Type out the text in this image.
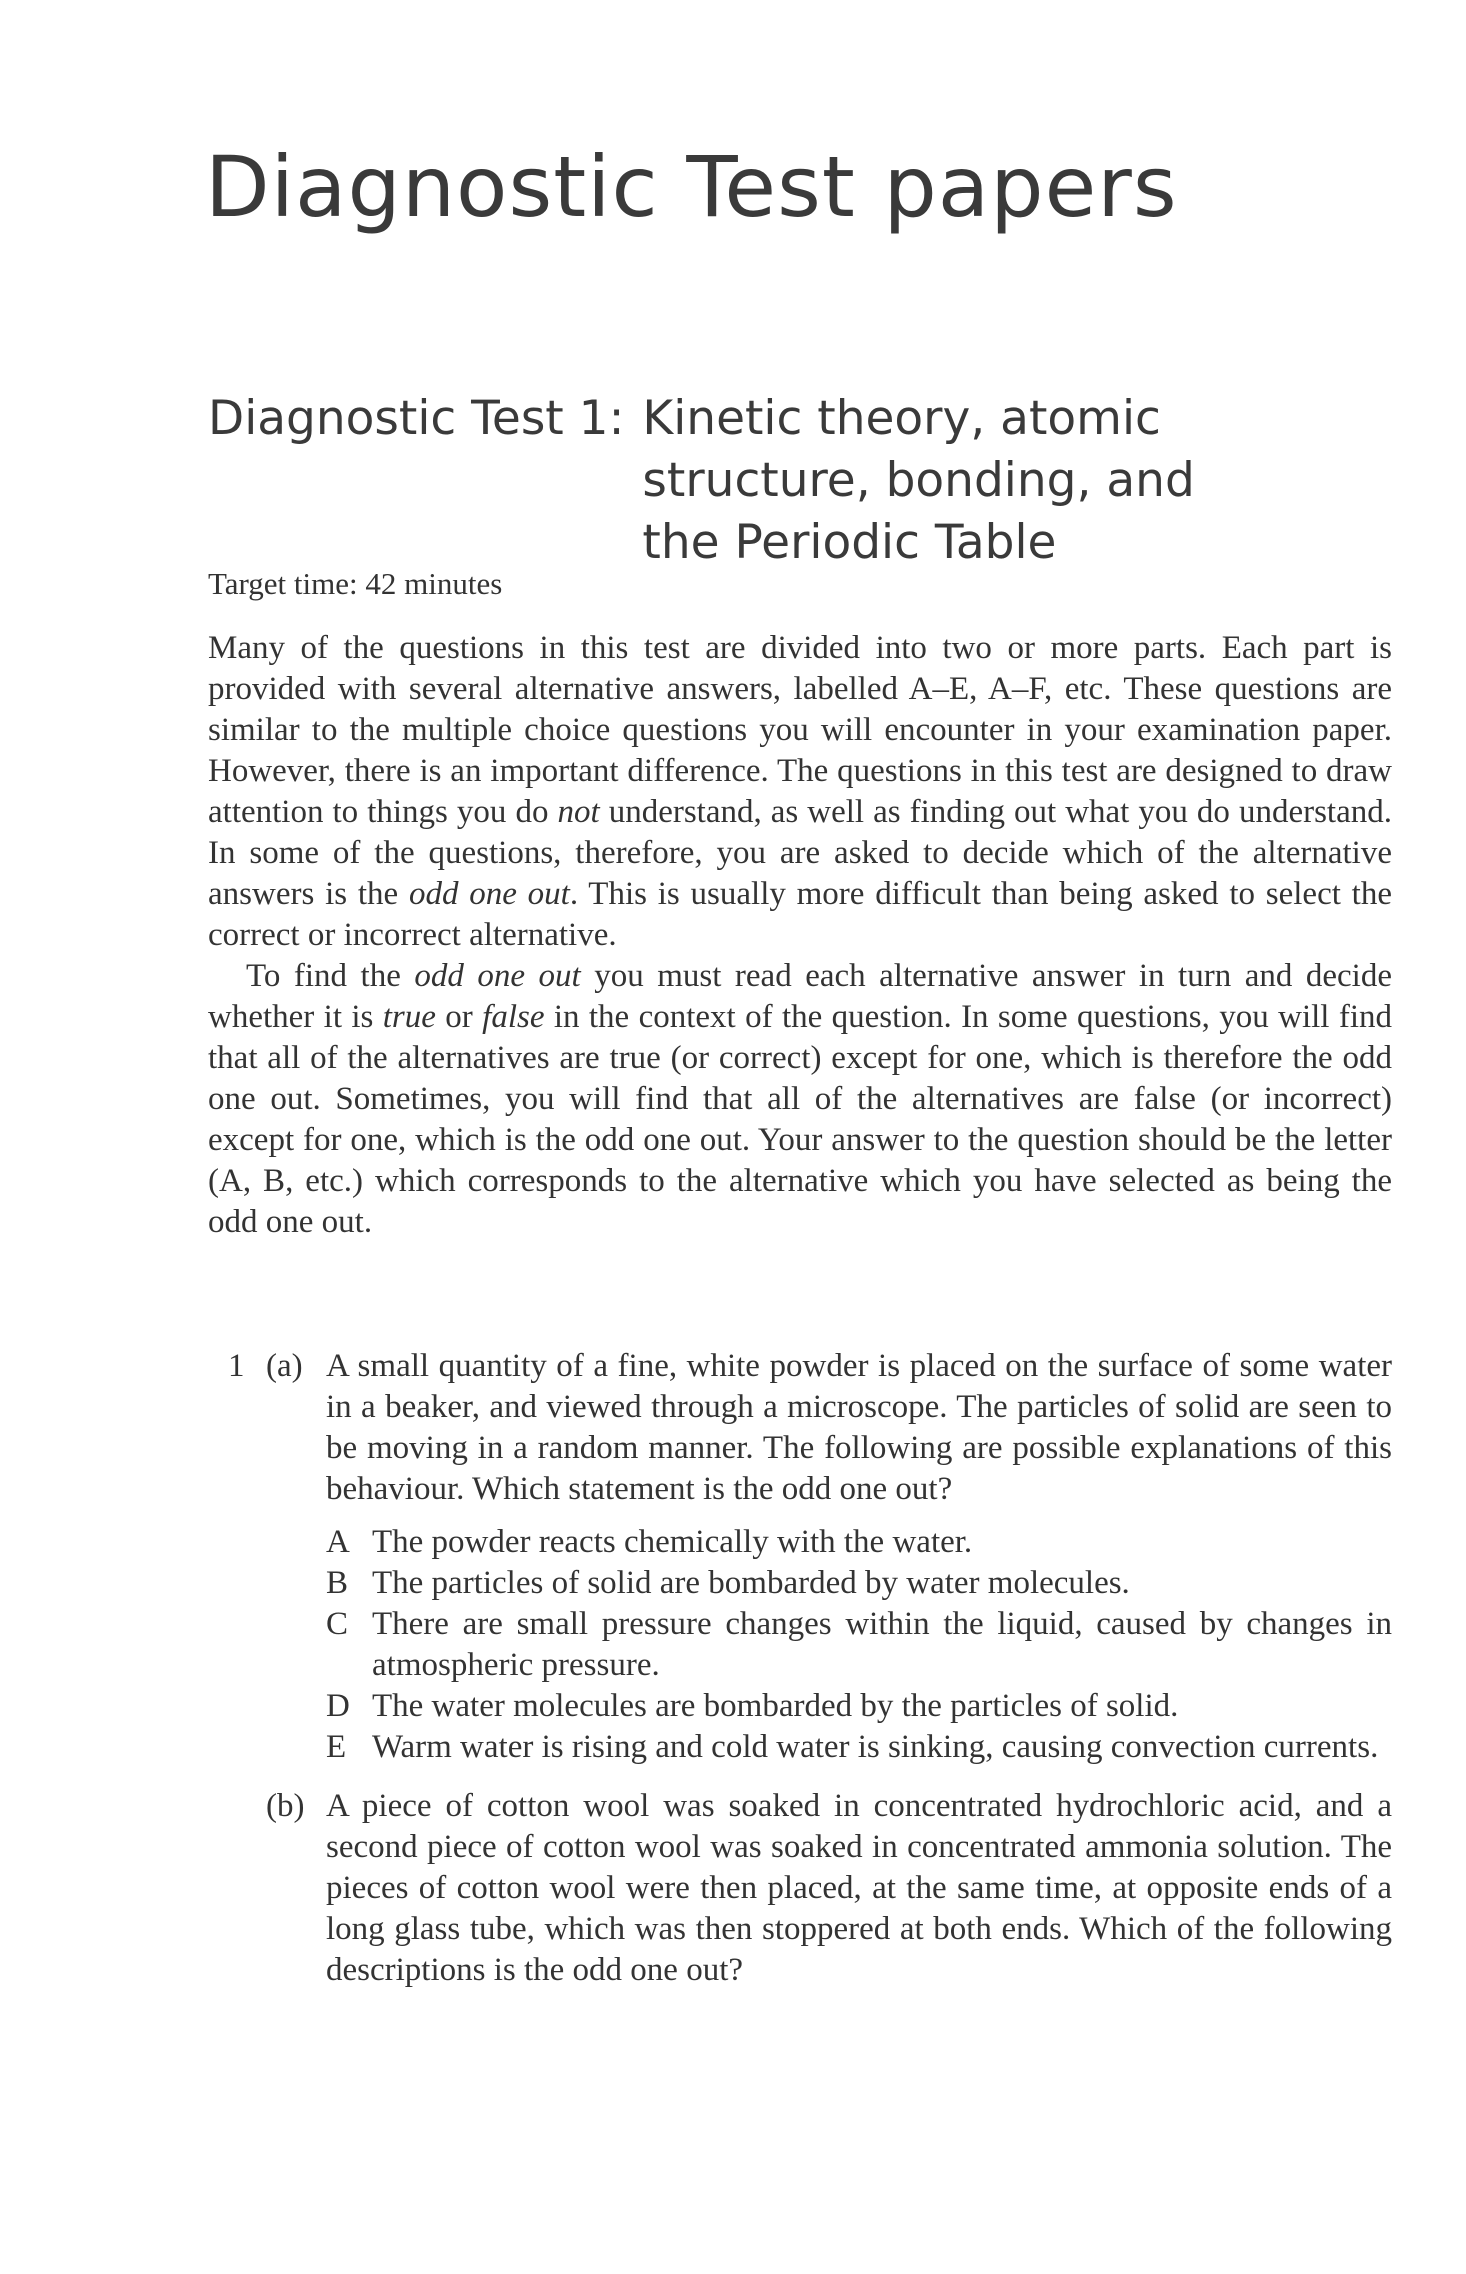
Diagnostic Test papers
Diagnostic Test 1: Kinetic theory, atomic structure, bonding, and the Periodic Table
Target time: 42 minutes

Many of the questions in this test are divided into two or more parts. Each part is provided with several alternative answers, labelled A–E, A–F, etc. These questions are similar to the multiple choice questions you will encounter in your examination paper. However, there is an important difference. The questions in this test are designed to draw attention to things you do not understand, as well as finding out what you do understand. In some of the questions, therefore, you are asked to decide which of the alternative answers is the odd one out. This is usually more difficult than being asked to select the correct or incorrect alternative.

To find the odd one out you must read each alternative answer in turn and decide whether it is true or false in the context of the question. In some questions, you will find that all of the alternatives are true (or correct) except for one, which is therefore the odd one out. Sometimes, you will find that all of the alternatives are false (or incorrect) except for one, which is the odd one out. Your answer to the question should be the letter (A, B, etc.) which corresponds to the alternative which you have selected as being the odd one out.

1 (a) A small quantity of a fine, white powder is placed on the surface of some water in a beaker, and viewed through a microscope. The particles of solid are seen to be moving in a random manner. The following are possible explanations of this behaviour. Which statement is the odd one out?
A The powder reacts chemically with the water.
B The particles of solid are bombarded by water molecules.
C There are small pressure changes within the liquid, caused by changes in atmospheric pressure.
D The water molecules are bombarded by the particles of solid.
E Warm water is rising and cold water is sinking, causing convection currents.
(b) A piece of cotton wool was soaked in concentrated hydrochloric acid, and a second piece of cotton wool was soaked in concentrated ammonia solution. The pieces of cotton wool were then placed, at the same time, at opposite ends of a long glass tube, which was then stoppered at both ends. Which of the following descriptions is the odd one out?
